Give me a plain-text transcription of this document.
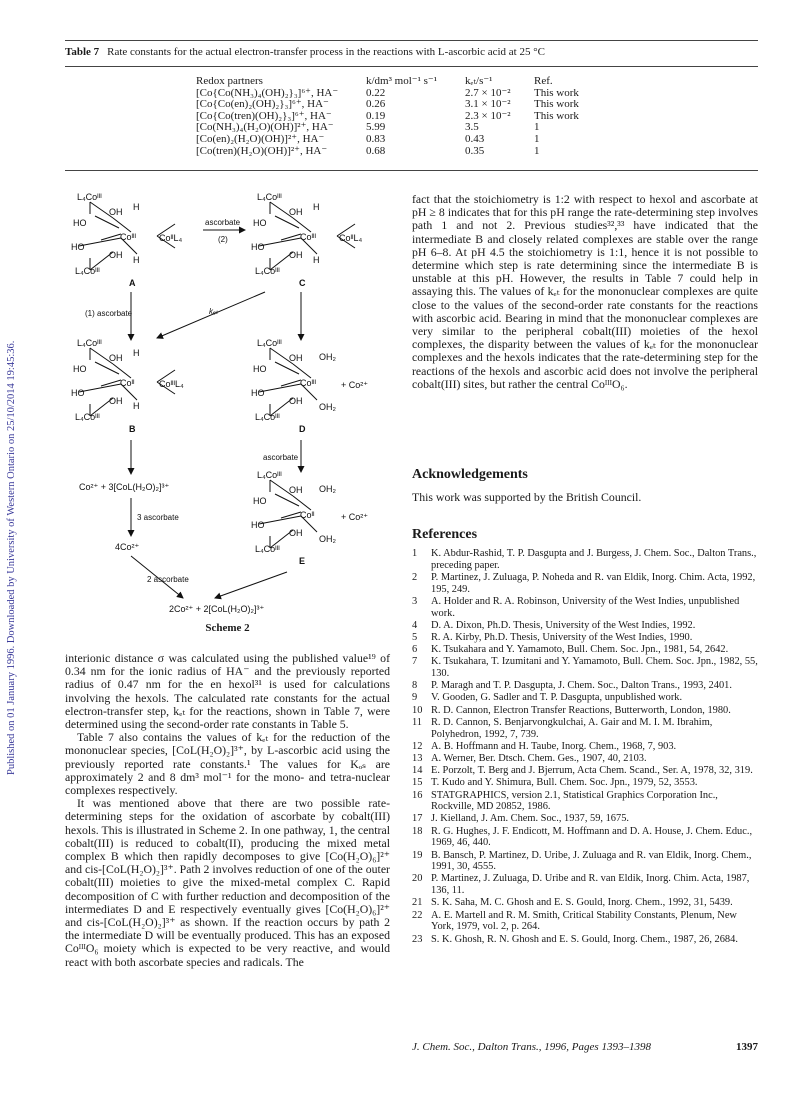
Published on 01 January 1996. Downloaded by University of Western Ontario on 25/10/2014 19:45:36.
Table 7 Rate constants for the actual electron-transfer process in the reactions with L-ascorbic acid at 25 °C
Redox partners	k/dm³ mol⁻¹ s⁻¹	kₑₜ/s⁻¹	Ref.
[Co{Co(NH₃)₄(OH)₂}₃]⁶⁺, HA⁻	0.22	2.7 × 10⁻²	This work
[Co{Co(en)₂(OH)₂}₃]⁶⁺, HA⁻	0.26	3.1 × 10⁻²	This work
[Co{Co(tren)(OH)₂}₃]⁶⁺, HA⁻	0.19	2.3 × 10⁻²	This work
[Co(NH₃)₄(H₂O)(OH)]²⁺, HA⁻	5.99	3.5	1
[Co(en)₂(H₂O)(OH)]²⁺, HA⁻	0.83	0.43	1
[Co(tren)(H₂O)(OH)]²⁺, HA⁻	0.68	0.35	1
L₄Coᴵᴵᴵ
OH H
HO
Coᴵᴵᴵ	CoᴵᴵL₄
HO
OH H
L₄Coᴵᴵᴵ
A
ascorbate
(2)
L₄Coᴵᴵᴵ
OH H
HO
Coᴵᴵᴵ	CoᴵᴵL₄
HO
OH H
L₄Coᴵᴵᴵ
C
(1) ascorbate	kₑₜ
L₄Coᴵᴵᴵ
OH H
HO
Coᴵᴵ	CoᴵᴵᴵL₄
HO
OH H
L₄Coᴵᴵᴵ
B
L₄Coᴵᴵᴵ
OH OH₂
HO
Coᴵᴵᴵ	+ Co²⁺
HO
OH
OH₂
L₄Coᴵᴵᴵ
D
Co²⁺ + 3[CoL(H₂O)₂]³⁺
3 ascorbate
4Co²⁺
ascorbate
L₄Coᴵᴵᴵ
OH OH₂
HO
Coᴵᴵ	+ Co²⁺
HO
OH
OH₂
L₄Coᴵᴵᴵ
E
2 ascorbate
2Co²⁺ + 2[CoL(H₂O)₂]³⁺
Scheme 2

interionic distance σ was calculated using the published value¹⁹ of 0.34 nm for the ionic radius of HA⁻ and the previously reported radius of 0.47 nm for the en hexol³¹ is used for calculations involving the hexols. The calculated rate constants for the actual electron-transfer step, kₑₜ for the reactions, shown in Table 7, were determined using the second-order rate constants in Table 5.

Table 7 also contains the values of kₑₜ for the reduction of the mononuclear species, [CoL(H₂O)₂]³⁺, by L-ascorbic acid using the previously reported rate constants.¹ The values for Kₒₛ are approximately 2 and 8 dm³ mol⁻¹ for the mono- and tetra-nuclear complexes respectively.

It was mentioned above that there are two possible rate-determining steps for the oxidation of ascorbate by cobalt(III) hexols. This is illustrated in Scheme 2. In one pathway, 1, the central cobalt(III) is reduced to cobalt(II), producing the mixed metal complex B which then rapidly decomposes to give [Co(H₂O)₆]²⁺ and cis-[CoL(H₂O)₂]³⁺. Path 2 involves reduction of one of the outer cobalt(III) moieties to give the mixed-metal complex C. Rapid decomposition of C with further reduction and decomposition of the intermediates D and E respectively eventually gives [Co(H₂O)₆]²⁺ and cis-[CoL(H₂O)₂]³⁺ as shown. If the reaction occurs by path 2 the intermediate D will be eventually produced. This has an exposed CoᴵᴵᴵO₆ moiety which is expected to be very reactive, and would react with both ascorbate species and radicals. The

fact that the stoichiometry is 1:2 with respect to hexol and ascorbate at pH ≥ 8 indicates that for this pH range the rate-determining step involves path 1 and not 2. Previous studies³²,³³ have indicated that the intermediate B and closely related complexes are stable over the range pH 6–8. At pH 4.5 the stoichiometry is 1:1, hence it is not possible to determine which step is rate determining since the intermediate B is unstable at this pH. However, the results in Table 7 could help in assaying this. The values of kₑₜ for the mononuclear complexes are quite close to the values of the second-order rate constants for the reactions with ascorbic acid. Bearing in mind that the mononuclear complexes are very similar to the peripheral cobalt(III) moieties of the hexol complexes, the disparity between the values of kₑₜ for the mononuclear complexes and the hexols indicates that the rate-determining step for the reactions of the hexols and ascorbic acid does not involve the peripheral cobalt(III) sites, but rather the central CoᴵᴵᴵO₆.

Acknowledgements
This work was supported by the British Council.
References
1 K. Abdur-Rashid, T. P. Dasgupta and J. Burgess, J. Chem. Soc., Dalton Trans., preceding paper.
2 P. Martinez, J. Zuluaga, P. Noheda and R. van Eldik, Inorg. Chim. Acta, 1992, 195, 249.
3 A. Holder and R. A. Robinson, University of the West Indies, unpublished work.
4 D. A. Dixon, Ph.D. Thesis, University of the West Indies, 1992.
5 R. A. Kirby, Ph.D. Thesis, University of the West Indies, 1990.
6 K. Tsukahara and Y. Yamamoto, Bull. Chem. Soc. Jpn., 1981, 54, 2642.
7 K. Tsukahara, T. Izumitani and Y. Yamamoto, Bull. Chem. Soc. Jpn., 1982, 55, 130.
8 P. Maragh and T. P. Dasgupta, J. Chem. Soc., Dalton Trans., 1993, 2401.
9 V. Gooden, G. Sadler and T. P. Dasgupta, unpublished work.
10 R. D. Cannon, Electron Transfer Reactions, Butterworth, London, 1980.
11 R. D. Cannon, S. Benjarvongkulchai, A. Gair and M. I. M. Ibrahim, Polyhedron, 1992, 7, 739.
12 A. B. Hoffmann and H. Taube, Inorg. Chem., 1968, 7, 903.
13 A. Werner, Ber. Dtsch. Chem. Ges., 1907, 40, 2103.
14 E. Porzolt, T. Berg and J. Bjerrum, Acta Chem. Scand., Ser. A, 1978, 32, 319.
15 T. Kudo and Y. Shimura, Bull. Chem. Soc. Jpn., 1979, 52, 3553.
16 STATGRAPHICS, version 2.1, Statistical Graphics Corporation Inc., Rockville, MD 20852, 1986.
17 J. Kielland, J. Am. Chem. Soc., 1937, 59, 1675.
18 R. G. Hughes, J. F. Endicott, M. Hoffmann and D. A. House, J. Chem. Educ., 1969, 46, 440.
19 B. Bansch, P. Martinez, D. Uribe, J. Zuluaga and R. van Eldik, Inorg. Chem., 1991, 30, 4555.
20 P. Martinez, J. Zuluaga, D. Uribe and R. van Eldik, Inorg. Chim. Acta, 1987, 136, 11.
21 S. K. Saha, M. C. Ghosh and E. S. Gould, Inorg. Chem., 1992, 31, 5439.
22 A. E. Martell and R. M. Smith, Critical Stability Constants, Plenum, New York, 1979, vol. 2, p. 264.
23 S. K. Ghosh, R. N. Ghosh and E. S. Gould, Inorg. Chem., 1987, 26, 2684.
J. Chem. Soc., Dalton Trans., 1996, Pages 1393–1398	1397
